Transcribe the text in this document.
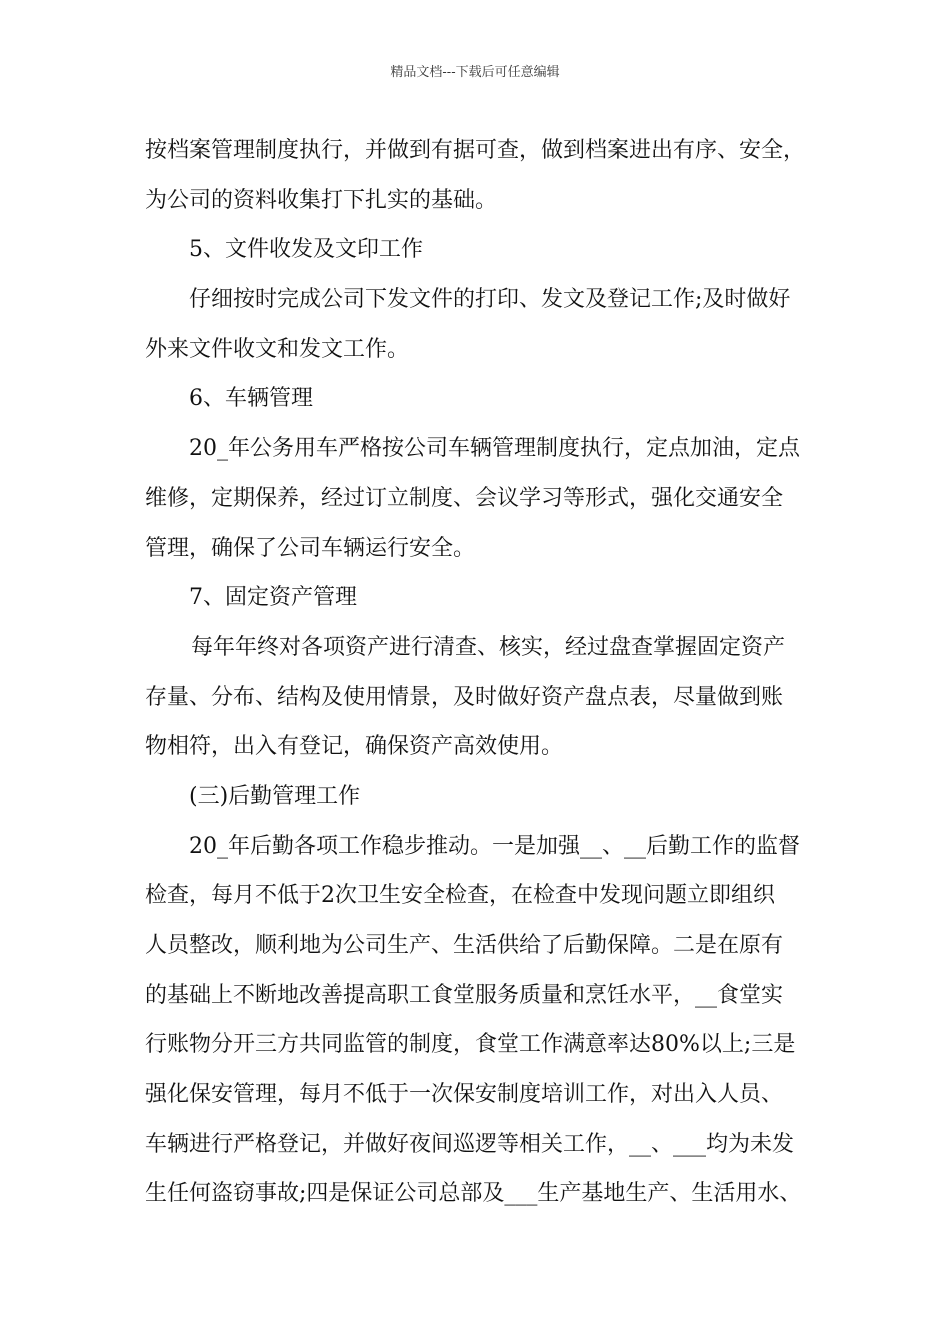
精品文档---下载后可任意编辑
按档案管理制度执行，并做到有据可查，做到档案进出有序、安全，
为公司的资料收集打下扎实的基础。
5、文件收发及文印工作
仔细按时完成公司下发文件的打印、发文及登记工作;及时做好
外来文件收文和发文工作。
6、车辆管理
20_年公务用车严格按公司车辆管理制度执行，定点加油，定点
维修，定期保养，经过订立制度、会议学习等形式，强化交通安全
管理，确保了公司车辆运行安全。
7、固定资产管理
每年年终对各项资产进行清查、核实，经过盘查掌握固定资产
存量、分布、结构及使用情景，及时做好资产盘点表，尽量做到账
物相符，出入有登记，确保资产高效使用。
(三)后勤管理工作
20_年后勤各项工作稳步推动。一是加强__、__后勤工作的监督
检查，每月不低于2次卫生安全检查，在检查中发现问题立即组织
人员整改，顺利地为公司生产、生活供给了后勤保障。二是在原有
的基础上不断地改善提高职工食堂服务质量和烹饪水平，__食堂实
行账物分开三方共同监管的制度，食堂工作满意率达80%以上;三是
强化保安管理，每月不低于一次保安制度培训工作，对出入人员、
车辆进行严格登记，并做好夜间巡逻等相关工作，__、___均为未发
生任何盗窃事故;四是保证公司总部及___生产基地生产、生活用水、
